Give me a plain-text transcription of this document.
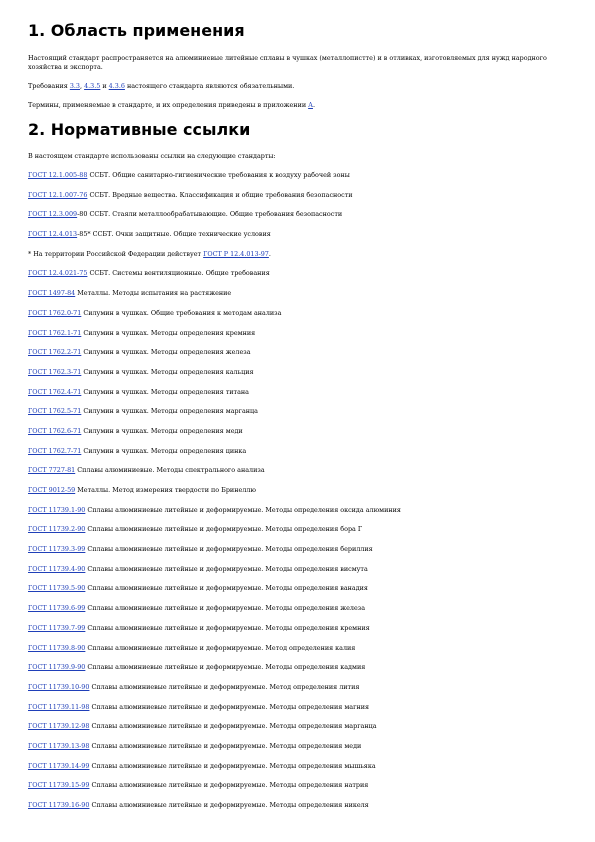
1. Область применения

Настоящий стандарт распространяется на алюминиевые литейные сплавы в чушках (металлопистте) и в отливках, изготовляемых для нужд народного хозяйства и экспорта.

Требования 3.3, 4.3.5 и 4.3.6 настоящего стандарта являются обязательными.

Термины, применяемые в стандарте, и их определения приведены в приложении А.

2. Нормативные ссылки

В настоящем стандарте использованы ссылки на следующие стандарты:

ГОСТ 12.1.005-88 ССБТ. Общие санитарно-гигиенические требования к воздуху рабочей зоны

ГОСТ 12.1.007-76 ССБТ. Вредные вещества. Классификация и общие требования безопасности

ГОСТ 12.3.009-80 ССБТ. Стаяли металлообрабатывающие. Общие требования безопасности

ГОСТ 12.4.013-85* ССБТ. Очки защитные. Общие технические условия

* На территории Российской Федерации действует ГОСТ Р 12.4.013-97.

ГОСТ 12.4.021-75 ССБТ. Системы вентиляционные. Общие требования

ГОСТ 1497-84 Металлы. Методы испытания на растяжение

ГОСТ 1762.0-71 Силумин в чушках. Общие требования к методам анализа

ГОСТ 1762.1-71 Силумин в чушках. Методы определения кремния

ГОСТ 1762.2-71 Силумин в чушках. Методы определения железа

ГОСТ 1762.3-71 Силумин в чушках. Методы определения кальция

ГОСТ 1762.4-71 Силумин в чушках. Методы определения титана

ГОСТ 1762.5-71 Силумин в чушках. Методы определения марганца

ГОСТ 1762.6-71 Силумин в чушках. Методы определения меди

ГОСТ 1762.7-71 Силумин в чушках. Методы определения цинка

ГОСТ 7727-81 Сплавы алюминиевые. Методы спектрального анализа

ГОСТ 9012-59 Металлы. Метод измерения твердости по Бринеллю

ГОСТ 11739.1-90 Сплавы алюминиевые литейные и деформируемые. Методы определения оксида алюминия

ГОСТ 11739.2-90 Сплавы алюминиевые литейные и деформируемые. Методы определения бора Г

ГОСТ 11739.3-99 Сплавы алюминиевые литейные и деформируемые. Методы определения бериллия

ГОСТ 11739.4-90 Сплавы алюминиевые литейные и деформируемые. Методы определения висмута

ГОСТ 11739.5-90 Сплавы алюминиевые литейные и деформируемые. Методы определения ванадия

ГОСТ 11739.6-99 Сплавы алюминиевые литейные и деформируемые. Методы определения железа

ГОСТ 11739.7-99 Сплавы алюминиевые литейные и деформируемые. Методы определения кремния

ГОСТ 11739.8-90 Сплавы алюминиевые литейные и деформируемые. Метод определения калия

ГОСТ 11739.9-90 Сплавы алюминиевые литейные и деформируемые. Методы определения кадмия

ГОСТ 11739.10-90 Сплавы алюминиевые литейные и деформируемые. Метод определения лития

ГОСТ 11739.11-98 Сплавы алюминиевые литейные и деформируемые. Методы определения магния

ГОСТ 11739.12-98 Сплавы алюминиевые литейные и деформируемые. Методы определения марганца

ГОСТ 11739.13-98 Сплавы алюминиевые литейные и деформируемые. Методы определения меди

ГОСТ 11739.14-99 Сплавы алюминиевые литейные и деформируемые. Методы определения мышьяка

ГОСТ 11739.15-99 Сплавы алюминиевые литейные и деформируемые. Методы определения натрия

ГОСТ 11739.16-90 Сплавы алюминиевые литейные и деформируемые. Методы определения никеля
